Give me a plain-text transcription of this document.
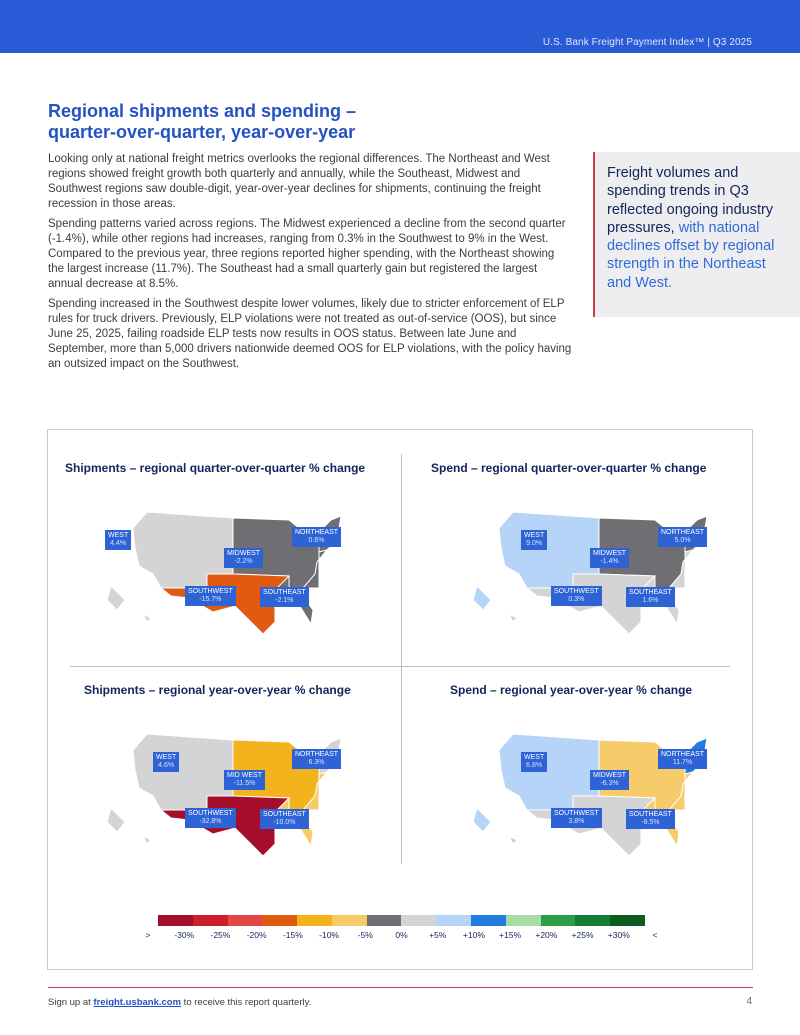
U.S. Bank Freight Payment Index™ | Q3 2025
Regional shipments and spending –
quarter-over-quarter, year-over-year

Looking only at national freight metrics overlooks the regional differences. The Northeast and West regions showed freight growth both quarterly and annually, while the Southeast, Midwest and Southwest regions saw double-digit, year-over-year declines for shipments, continuing the freight recession in those areas.

Spending patterns varied across regions. The Midwest experienced a decline from the second quarter (-1.4%), while other regions had increases, ranging from 0.3% in the Southwest to 9% in the West. Compared to the previous year, three regions reported higher spending, with the Northeast showing the largest increase (11.7%). The Southeast had a small quarterly gain but registered the largest annual decrease at 8.5%.

Spending increased in the Southwest despite lower volumes, likely due to stricter enforcement of ELP rules for truck drivers. Previously, ELP violations were not treated as out-of-service (OOS), but since June 25, 2025, failing roadside ELP tests now results in OOS status. Between late June and September, more than 5,000 drivers nationwide deemed OOS for ELP violations, with the policy having an outsized impact on the Southwest.

Freight volumes and spending trends in Q3 reflected ongoing industry pressures, with national declines offset by regional strength in the Northeast and West.
Shipments – regional quarter-over-quarter % change
WEST
4.4%
MIDWEST
-2.2%
NORTHEAST
0.6%
SOUTHWEST
-15.7%
SOUTHEAST
-2.1%
Spend – regional quarter-over-quarter % change
WEST
9.0%
MIDWEST
-1.4%
NORTHEAST
5.0%
SOUTHWEST
0.3%
SOUTHEAST
1.6%
Shipments – regional year-over-year % change
WEST
4.6%
MID WEST
-11.5%
NORTHEAST
6.3%
SOUTHWEST
-32.8%
SOUTHEAST
-10.0%
Spend – regional year-over-year % change
WEST
6.8%
MIDWEST
-6.3%
NORTHEAST
11.7%
SOUTHWEST
3.8%
SOUTHEAST
-8.5%
>	-30% -25% -20% -15% -10% -5%	0%	+5% +10% +15% +20% +25% +30%	<
Sign up at freight.usbank.com to receive this report quarterly.	4
